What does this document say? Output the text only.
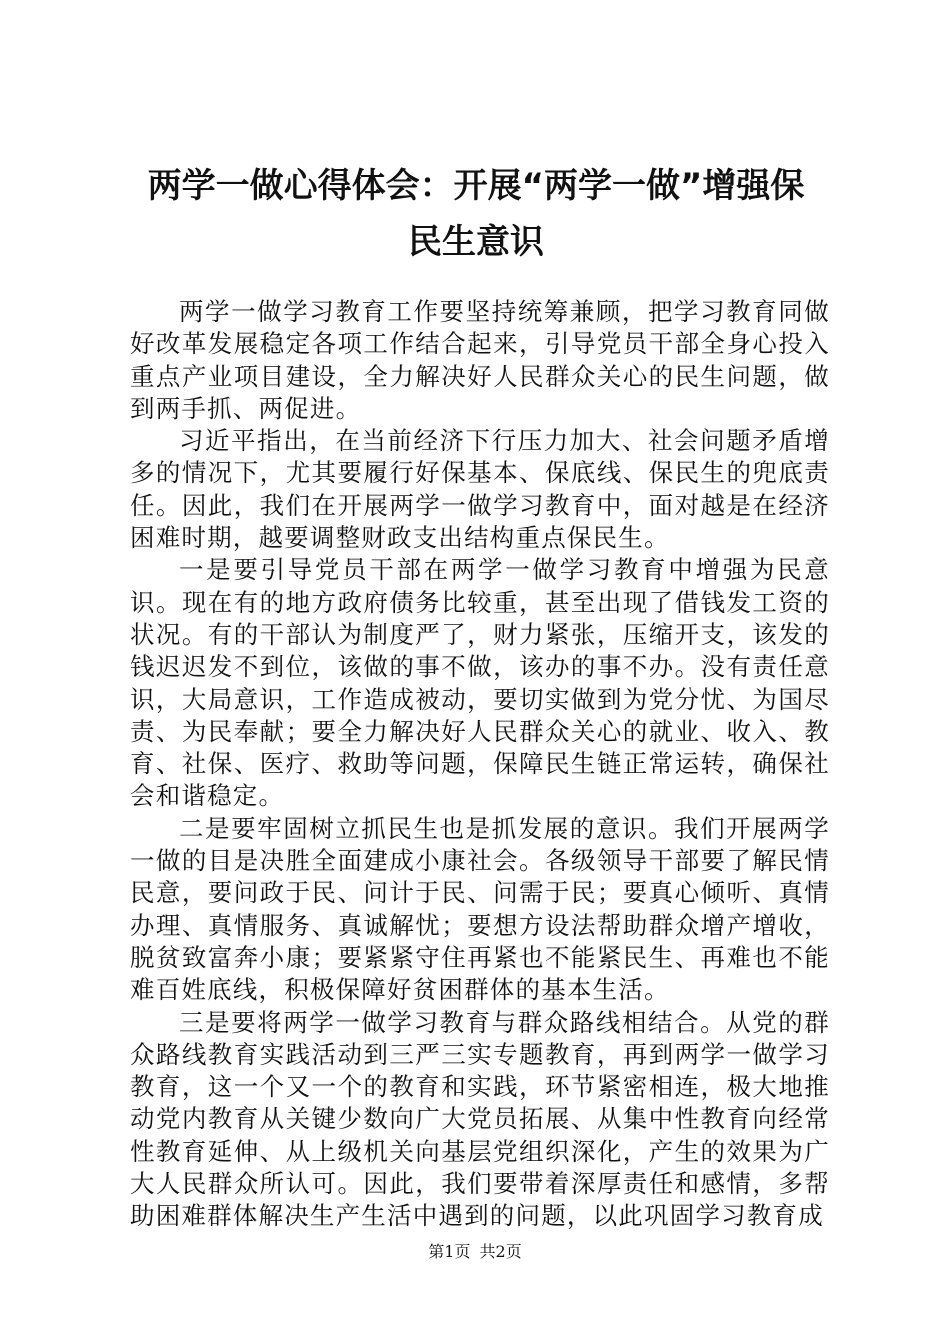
两学一做心得体会：开展“两学一做”增强保
民生意识

两学一做学习教育工作要坚持统筹兼顾，把学习教育同做好改革发展稳定各项工作结合起来，引导党员干部全身心投入重点产业项目建设，全力解决好人民群众关心的民生问题，做到两手抓、两促进。

习近平指出，在当前经济下行压力加大、社会问题矛盾增多的情况下，尤其要履行好保基本、保底线、保民生的兜底责任。因此，我们在开展两学一做学习教育中，面对越是在经济困难时期，越要调整财政支出结构重点保民生。

一是要引导党员干部在两学一做学习教育中增强为民意识。现在有的地方政府债务比较重，甚至出现了借钱发工资的状况。有的干部认为制度严了，财力紧张，压缩开支，该发的钱迟迟发不到位，该做的事不做，该办的事不办。没有责任意识，大局意识，工作造成被动，要切实做到为党分忧、为国尽责、为民奉献；要全力解决好人民群众关心的就业、收入、教育、社保、医疗、救助等问题，保障民生链正常运转，确保社会和谐稳定。

二是要牢固树立抓民生也是抓发展的意识。我们开展两学一做的目是决胜全面建成小康社会。各级领导干部要了解民情民意，要问政于民、问计于民、问需于民；要真心倾听、真情办理、真情服务、真诚解忧；要想方设法帮助群众增产增收，脱贫致富奔小康；要紧紧守住再紧也不能紧民生、再难也不能难百姓底线，积极保障好贫困群体的基本生活。

三是要将两学一做学习教育与群众路线相结合。从党的群众路线教育实践活动到三严三实专题教育，再到两学一做学习教育，这一个又一个的教育和实践，环节紧密相连，极大地推动党内教育从关键少数向广大党员拓展、从集中性教育向经常性教育延伸、从上级机关向基层党组织深化，产生的效果为广大人民群众所认可。因此，我们要带着深厚责任和感情，多帮助困难群体解决生产生活中遇到的问题，以此巩固学习教育成

第1页 共2页
